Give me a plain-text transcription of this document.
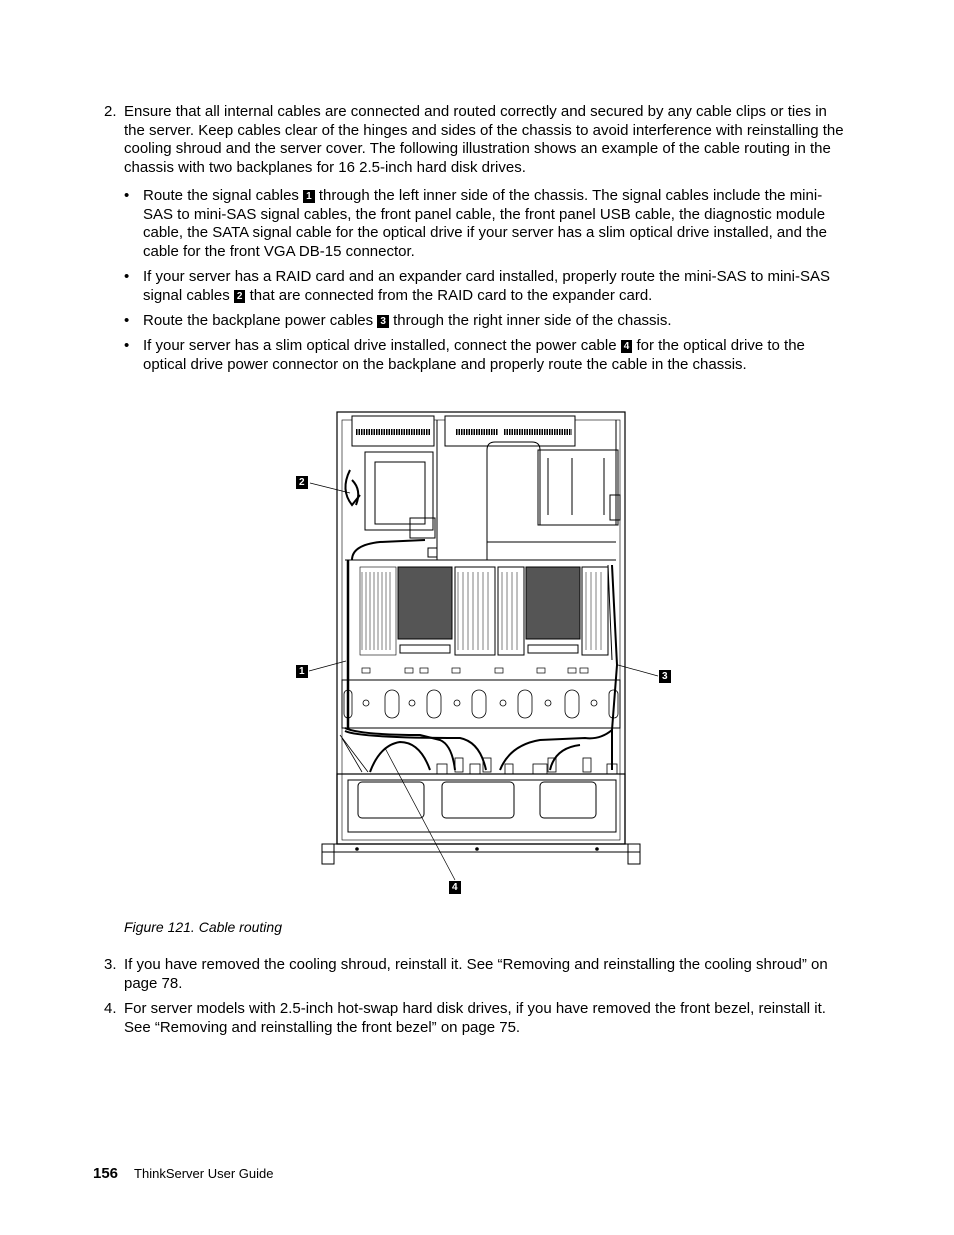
2. Ensure that all internal cables are connected and routed correctly and secured by any cable clips or ties in the server. Keep cables clear of the hinges and sides of the chassis to avoid interference with reinstalling the cooling shroud and the server cover. The following illustration shows an example of the cable routing in the chassis with two backplanes for 16 2.5-inch hard disk drives.
• Route the signal cables 1 through the left inner side of the chassis. The signal cables include the mini-SAS to mini-SAS signal cables, the front panel cable, the front panel USB cable, the diagnostic module cable, the SATA signal cable for the optical drive if your server has a slim optical drive installed, and the cable for the front VGA DB-15 connector.
• If your server has a RAID card and an expander card installed, properly route the mini-SAS to mini-SAS signal cables 2 that are connected from the RAID card to the expander card.
• Route the backplane power cables 3 through the right inner side of the chassis.
• If your server has a slim optical drive installed, connect the power cable 4 for the optical drive to the optical drive power connector on the backplane and properly route the cable in the chassis.
2
1	3
4
Figure 121. Cable routing
3. If you have removed the cooling shroud, reinstall it. See “Removing and reinstalling the cooling shroud” on page 78.
4. For server models with 2.5-inch hot-swap hard disk drives, if you have removed the front bezel, reinstall it. See “Removing and reinstalling the front bezel” on page 75.
156 ThinkServer User Guide
